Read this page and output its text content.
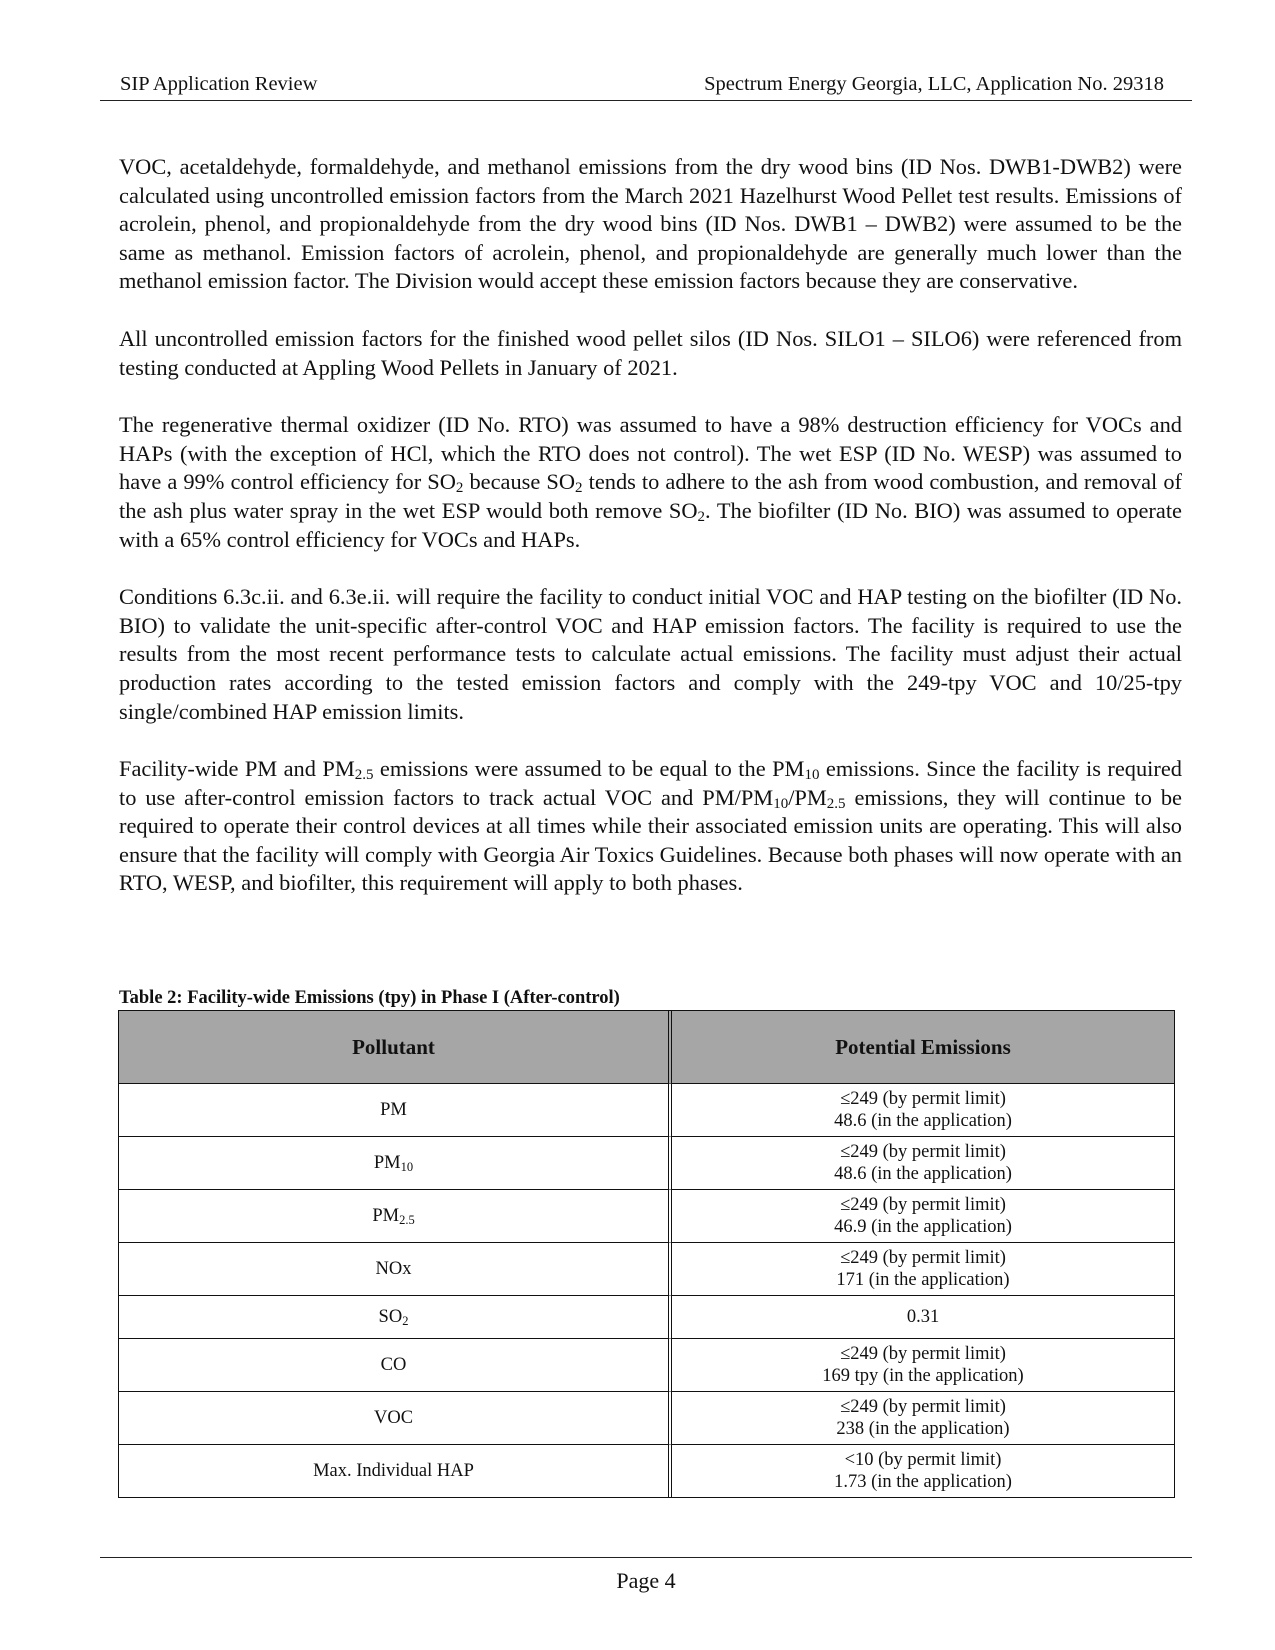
SIP Application Review	Spectrum Energy Georgia, LLC, Application No. 29318

VOC, acetaldehyde, formaldehyde, and methanol emissions from the dry wood bins (ID Nos. DWB1-DWB2) were calculated using uncontrolled emission factors from the March 2021 Hazelhurst Wood Pellet test results. Emissions of acrolein, phenol, and propionaldehyde from the dry wood bins (ID Nos. DWB1 – DWB2) were assumed to be the same as methanol. Emission factors of acrolein, phenol, and propionaldehyde are generally much lower than the methanol emission factor. The Division would accept these emission factors because they are conservative.

All uncontrolled emission factors for the finished wood pellet silos (ID Nos. SILO1 – SILO6) were referenced from testing conducted at Appling Wood Pellets in January of 2021.

The regenerative thermal oxidizer (ID No. RTO) was assumed to have a 98% destruction efficiency for VOCs and HAPs (with the exception of HCl, which the RTO does not control). The wet ESP (ID No. WESP) was assumed to have a 99% control efficiency for $SO_2$ because $SO_2$ tends to adhere to the ash from wood combustion, and removal of the ash plus water spray in the wet ESP would both remove $SO_2$. The biofilter (ID No. BIO) was assumed to operate with a 65% control efficiency for VOCs and HAPs.

Conditions 6.3c.ii. and 6.3e.ii. will require the facility to conduct initial VOC and HAP testing on the biofilter (ID No. BIO) to validate the unit-specific after-control VOC and HAP emission factors. The facility is required to use the results from the most recent performance tests to calculate actual emissions. The facility must adjust their actual production rates according to the tested emission factors and comply with the 249-tpy VOC and 10/25-tpy single/combined HAP emission limits.

Facility-wide PM and $PM_{2.5}$ emissions were assumed to be equal to the $PM_{10}$ emissions. Since the facility is required to use after-control emission factors to track actual VOC and $PM/PM_{10}/PM_{2.5}$ emissions, they will continue to be required to operate their control devices at all times while their associated emission units are operating. This will also ensure that the facility will comply with Georgia Air Toxics Guidelines. Because both phases will now operate with an RTO, WESP, and biofilter, this requirement will apply to both phases.

Table 2: Facility-wide Emissions (tpy) in Phase I (After-control)
Pollutant	Potential Emissions
PM	≤249 (by permit limit)
48.6 (in the application)

$PM_{10}$	≤249 (by permit limit)
48.6 (in the application)

$PM_{2.5}$	≤249 (by permit limit)
46.9 (in the application)

NOx	≤249 (by permit limit)
171 (in the application)

$SO_2$	0.31

CO	≤249 (by permit limit)
169 tpy (in the application)

VOC	≤249 (by permit limit)
238 (in the application)

Max. Individual HAP	<10 (by permit limit)
1.73 (in the application)
Page 4
